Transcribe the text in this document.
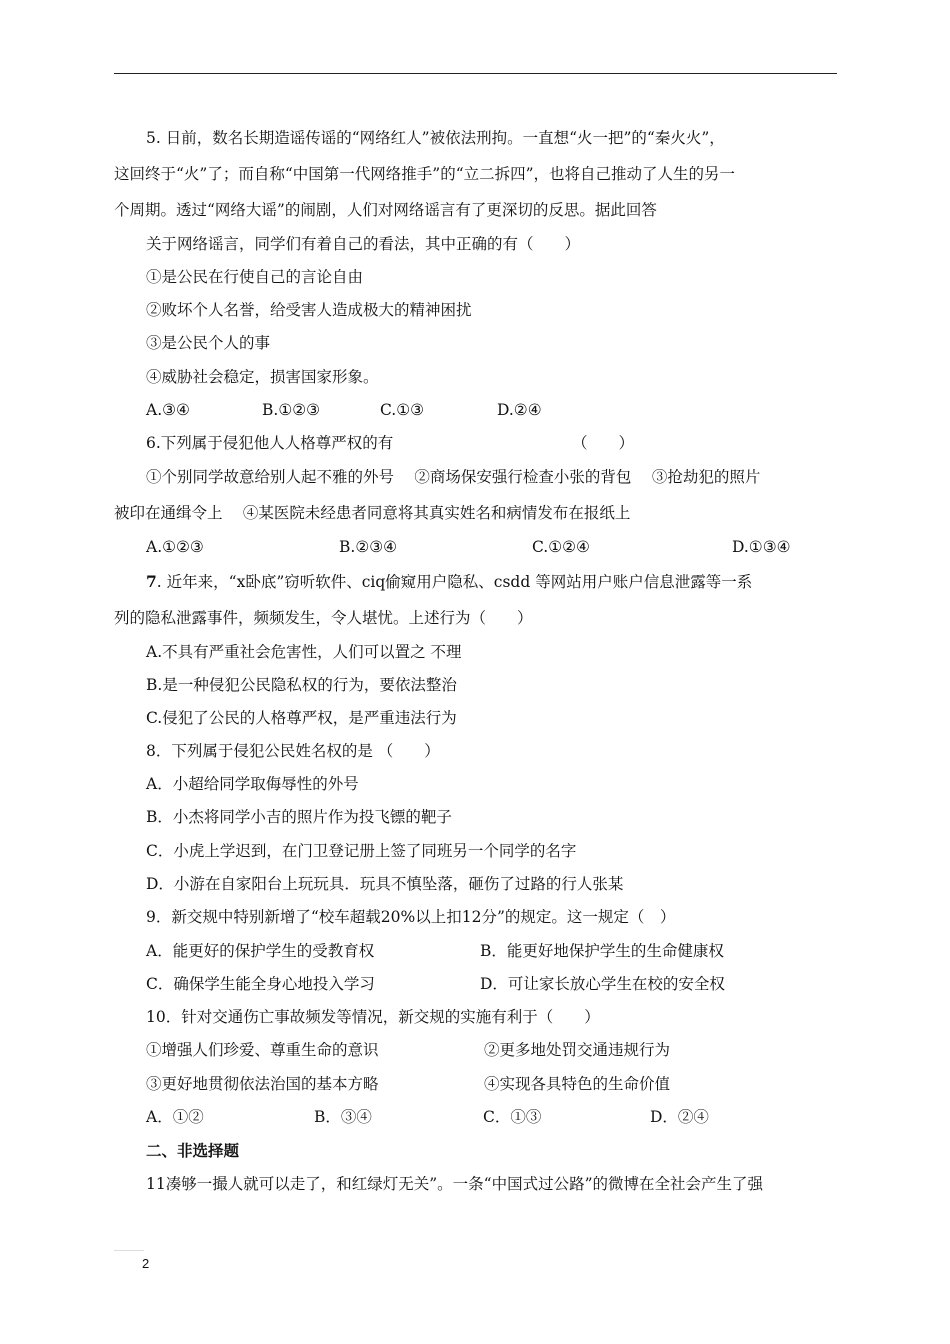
5. 日前，数名长期造谣传谣的“网络红人”被依法刑拘。一直想“火一把”的“秦火火”，
这回终于“火”了；而自称“中国第一代网络推手”的“立二拆四”，也将自己推动了人生的另一
个周期。透过“网络大谣”的闹剧，人们对网络谣言有了更深切的反思。据此回答
关于网络谣言，同学们有着自己的看法，其中正确的有（　　）
①是公民在行使自己的言论自由
②败坏个人名誉，给受害人造成极大的精神困扰
③是公民个人的事
④威胁社会稳定，损害国家形象。
A.③④	B.①②③	C.①③	D.②④
6.下列属于侵犯他人人格尊严权的有	（　　）
①个别同学故意给别人起不雅的外号　 ②商场保安强行检查小张的背包　 ③抢劫犯的照片
被印在通缉令上　 ④某医院未经患者同意将其真实姓名和病情发布在报纸上
A.①②③	B.②③④	C.①②④	D.①③④
7. 近年来，“x卧底”窃听软件、ciq偷窥用户隐私、csdd 等网站用户账户信息泄露等一系
列的隐私泄露事件，频频发生，令人堪忧。上述行为（　　）
A.不具有严重社会危害性，人们可以置之 不理
B.是一种侵犯公民隐私权的行为，要依法整治
C.侵犯了公民的人格尊严权，是严重违法行为
8．下列属于侵犯公民姓名权的是 （　　）
A．小超给同学取侮辱性的外号
B．小杰将同学小吉的照片作为投飞镖的靶子
C．小虎上学迟到，在门卫登记册上签了同班另一个同学的名字
D．小游在自家阳台上玩玩具．玩具不慎坠落，砸伤了过路的行人张某
9．新交规中特别新增了“校车超载20%以上扣12分”的规定。这一规定（　）
A．能更好的保护学生的受教育权	B．能更好地保护学生的生命健康权
C．确保学生能全身心地投入学习	D．可让家长放心学生在校的安全权
10．针对交通伤亡事故频发等情况，新交规的实施有利于（　　）
①增强人们珍爱、尊重生命的意识	②更多地处罚交通违规行为
③更好地贯彻依法治国的基本方略	④实现各具特色的生命价值
A．①②	B．③④	C．①③	D．②④
二、非选择题
11凑够一撮人就可以走了，和红绿灯无关”。一条“中国式过公路”的微博在全社会产生了强
2
